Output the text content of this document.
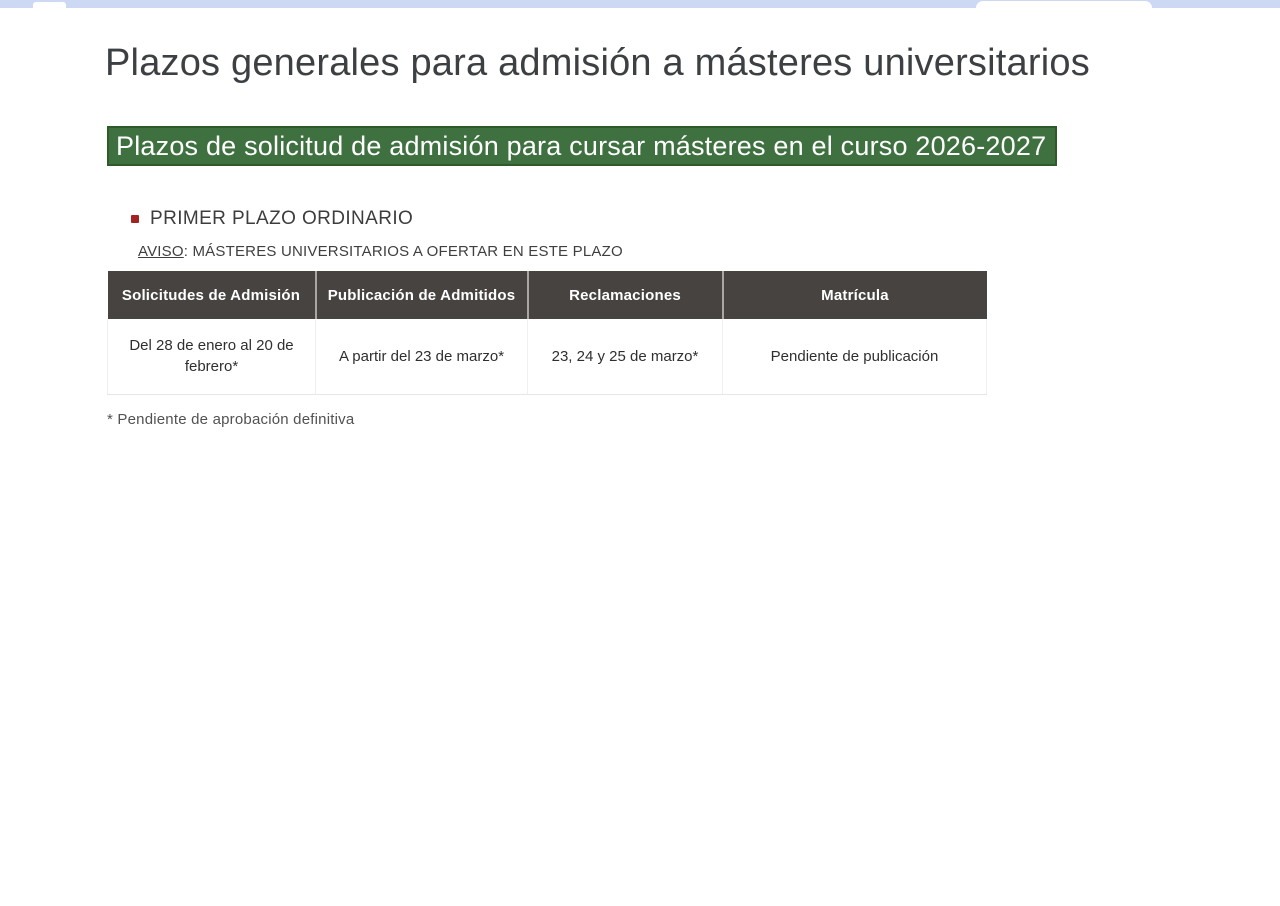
Plazos generales para admisión a másteres universitarios
Plazos de solicitud de admisión para cursar másteres en el curso 2026-2027
PRIMER PLAZO ORDINARIO

AVISO: MÁSTERES UNIVERSITARIOS A OFERTAR EN ESTE PLAZO

Solicitudes de Admisión	Publicación de Admitidos	Reclamaciones	Matrícula
Del 28 de enero al 20 de febrero*	A partir del 23 de marzo*	23, 24 y 25 de marzo*	Pendiente de publicación

* Pendiente de aprobación definitiva
